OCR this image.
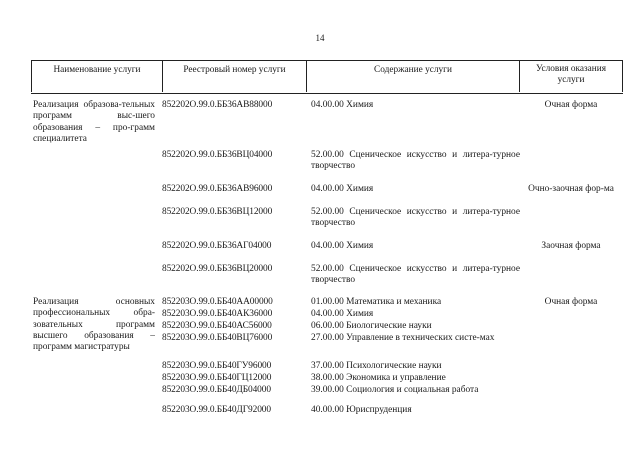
14
Наименование услуги	Реестровый номер услуги	Содержание услуги	Условия оказания услуги
Реализация образова-тельных программ выс-шего образования – про-грамм специалитета
852202О.99.0.ББ36АВ88000	04.00.00 Химия	Очная форма
852202О.99.0.ББ36ВЦ04000	52.00.00 Сценическое искусство и литера-турное творчество
852202О.99.0.ББ36АВ96000	04.00.00 Химия	Очно-заочная фор-ма
852202О.99.0.ББ36ВЦ12000	52.00.00 Сценическое искусство и литера-турное творчество
852202О.99.0.ББ36АГ04000	04.00.00 Химия	Заочная форма
852202О.99.0.ББ36ВЦ20000	52.00.00 Сценическое искусство и литера-турное творчество
Реализация основных профессиональных обра-зовательных программ высшего образования – программ магистратуры
852203О.99.0.ББ40АА00000	01.00.00 Математика и механика	Очная форма
852203О.99.0.ББ40АК36000	04.00.00 Химия
852203О.99.0.ББ40АС56000	06.00.00 Биологические науки
852203О.99.0.ББ40ВЦ76000	27.00.00 Управление в технических систе-мах
852203О.99.0.ББ40ГУ96000	37.00.00 Психологические науки
852203О.99.0.ББ40ГЦ12000	38.00.00 Экономика и управление
852203О.99.0.ББ40ДБ04000	39.00.00 Социология и социальная работа
852203О.99.0.ББ40ДГ92000	40.00.00 Юриспруденция
